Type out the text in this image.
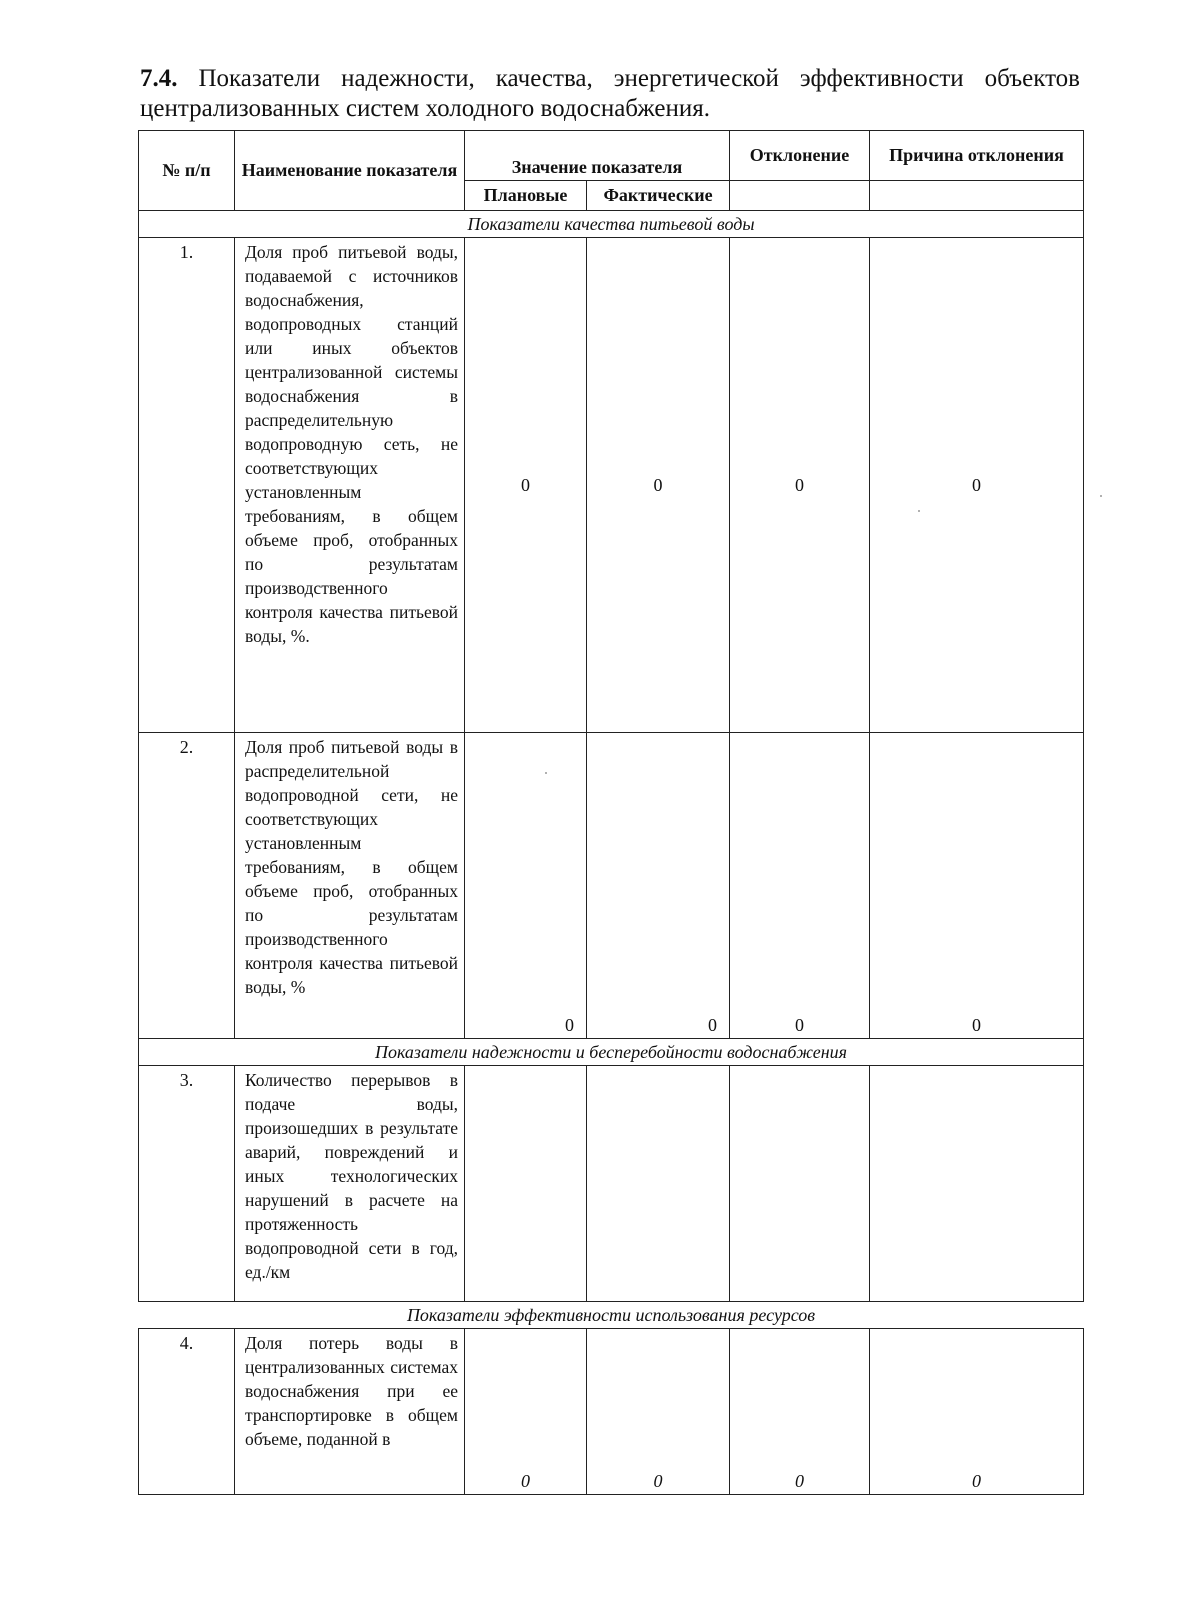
7.4. Показатели надежности, качества, энергетической эффективности объектов централизованных систем холодного водоснабжения.
№ п/п	Наименование показателя	Значение показателя		Отклонение	Причина отклонения
		Плановые	Фактические		
Показатели качества питьевой воды					
1.	Доля проб питьевой воды, подаваемой с источников водоснабжения, водопроводных станций или иных объектов централизованной системы водоснабжения в распределительную водопроводную сеть, не соответствующих установленным требованиям, в общем объеме проб, отобранных по результатам производственного контроля качества питьевой воды, %.	0	0	0	0
2.	Доля проб питьевой воды в распределительной водопроводной сети, не соответствующих установленным требованиям, в общем объеме проб, отобранных по результатам производственного контроля качества питьевой воды, %	0	0	0	0
Показатели надежности и бесперебойности водоснабжения					
3.	Количество перерывов в подаче воды, произошедших в результате аварий, повреждений и иных технологических нарушений в расчете на протяженность водопроводной сети в год, ед./км				
Показатели эффективности использования ресурсов					
4.	Доля потерь воды в централизованных системах водоснабжения при ее транспортировке в общем объеме, поданной в	0	0	0	0
